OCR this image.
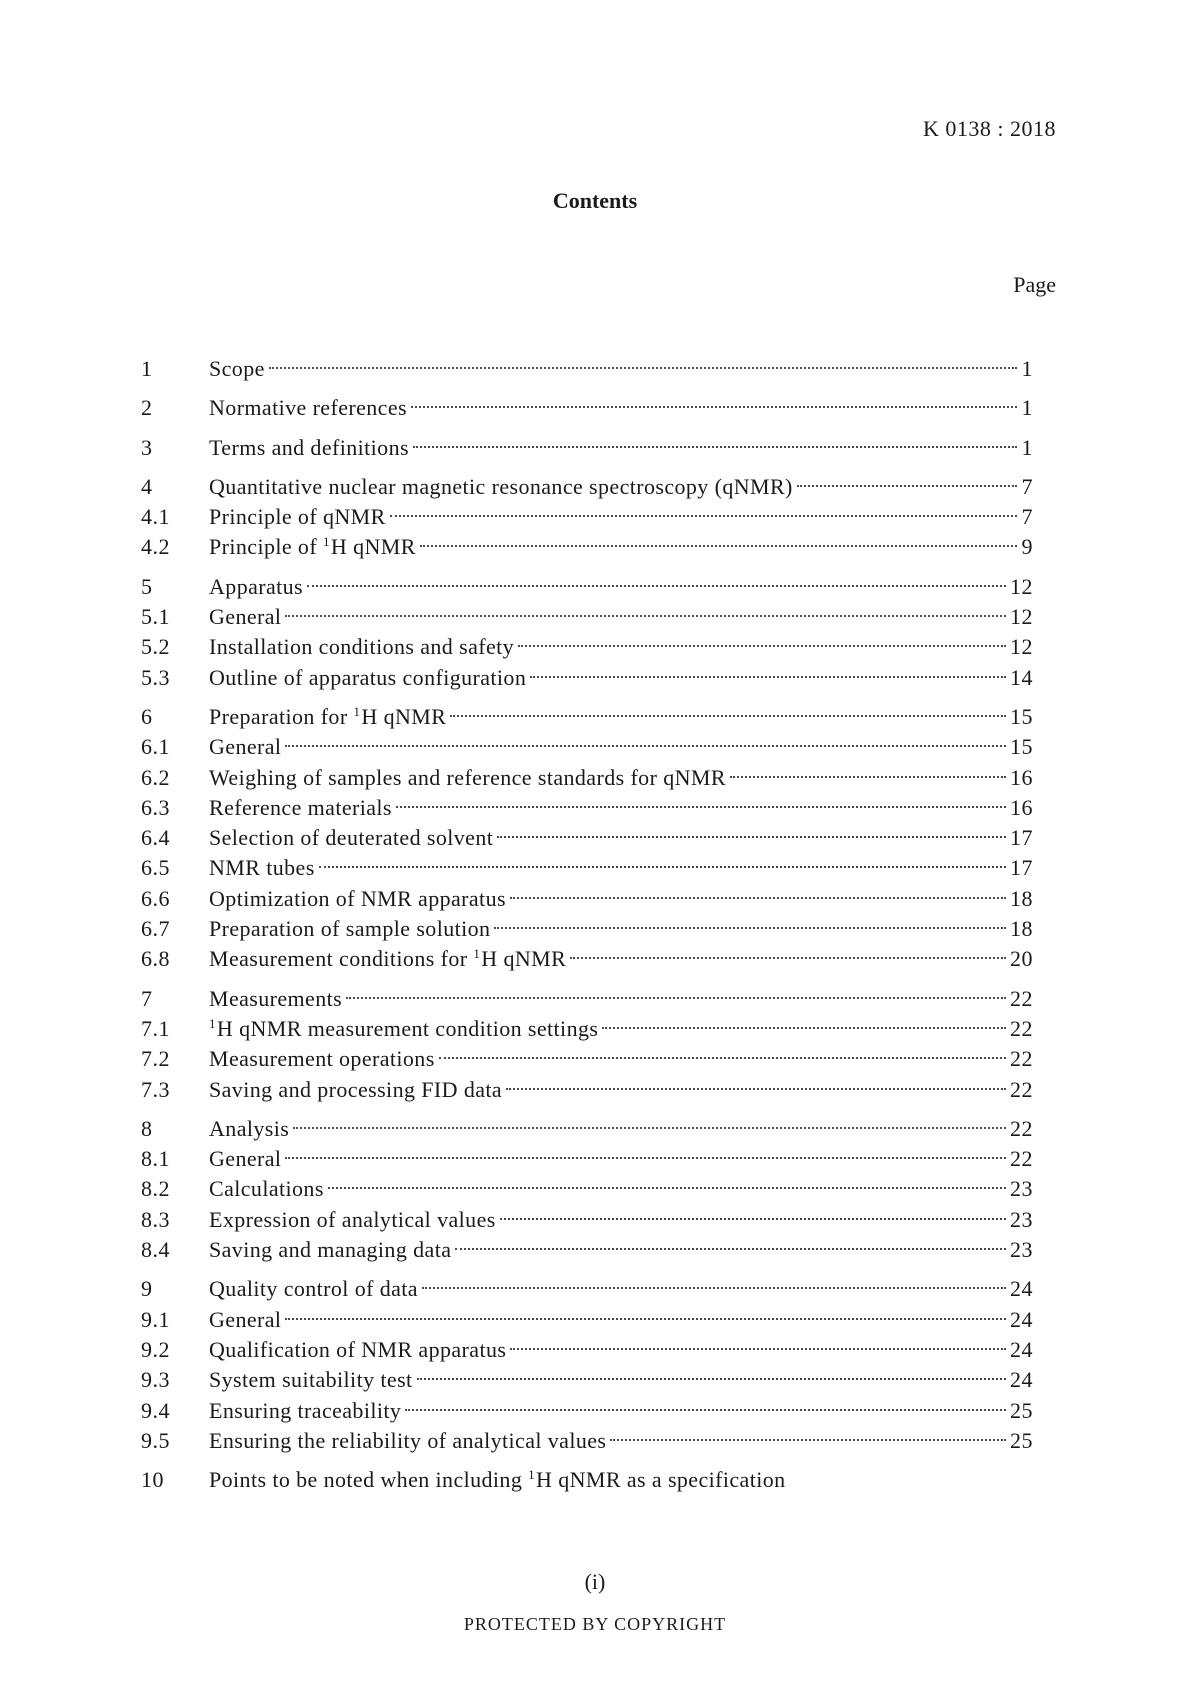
K 0138 : 2018
Contents
Page
1	Scope	1
2	Normative references	1
3	Terms and definitions	1
4	Quantitative nuclear magnetic resonance spectroscopy (qNMR)	7
4.1	Principle of qNMR	7
4.2	Principle of $^1$H qNMR	9
5	Apparatus	12
5.1	General	12
5.2	Installation conditions and safety	12
5.3	Outline of apparatus configuration	14
6	Preparation for $^1$H qNMR	15
6.1	General	15
6.2	Weighing of samples and reference standards for qNMR	16
6.3	Reference materials	16
6.4	Selection of deuterated solvent	17
6.5	NMR tubes	17
6.6	Optimization of NMR apparatus	18
6.7	Preparation of sample solution	18
6.8	Measurement conditions for $^1$H qNMR	20
7	Measurements	22
7.1	$^1$H qNMR measurement condition settings	22
7.2	Measurement operations	22
7.3	Saving and processing FID data	22
8	Analysis	22
8.1	General	22
8.2	Calculations	23
8.3	Expression of analytical values	23
8.4	Saving and managing data	23
9	Quality control of data	24
9.1	General	24
9.2	Qualification of NMR apparatus	24
9.3	System suitability test	24
9.4	Ensuring traceability	25
9.5	Ensuring the reliability of analytical values	25
10	Points to be noted when including $^1$H qNMR as a specification
(i)
PROTECTED BY COPYRIGHT
